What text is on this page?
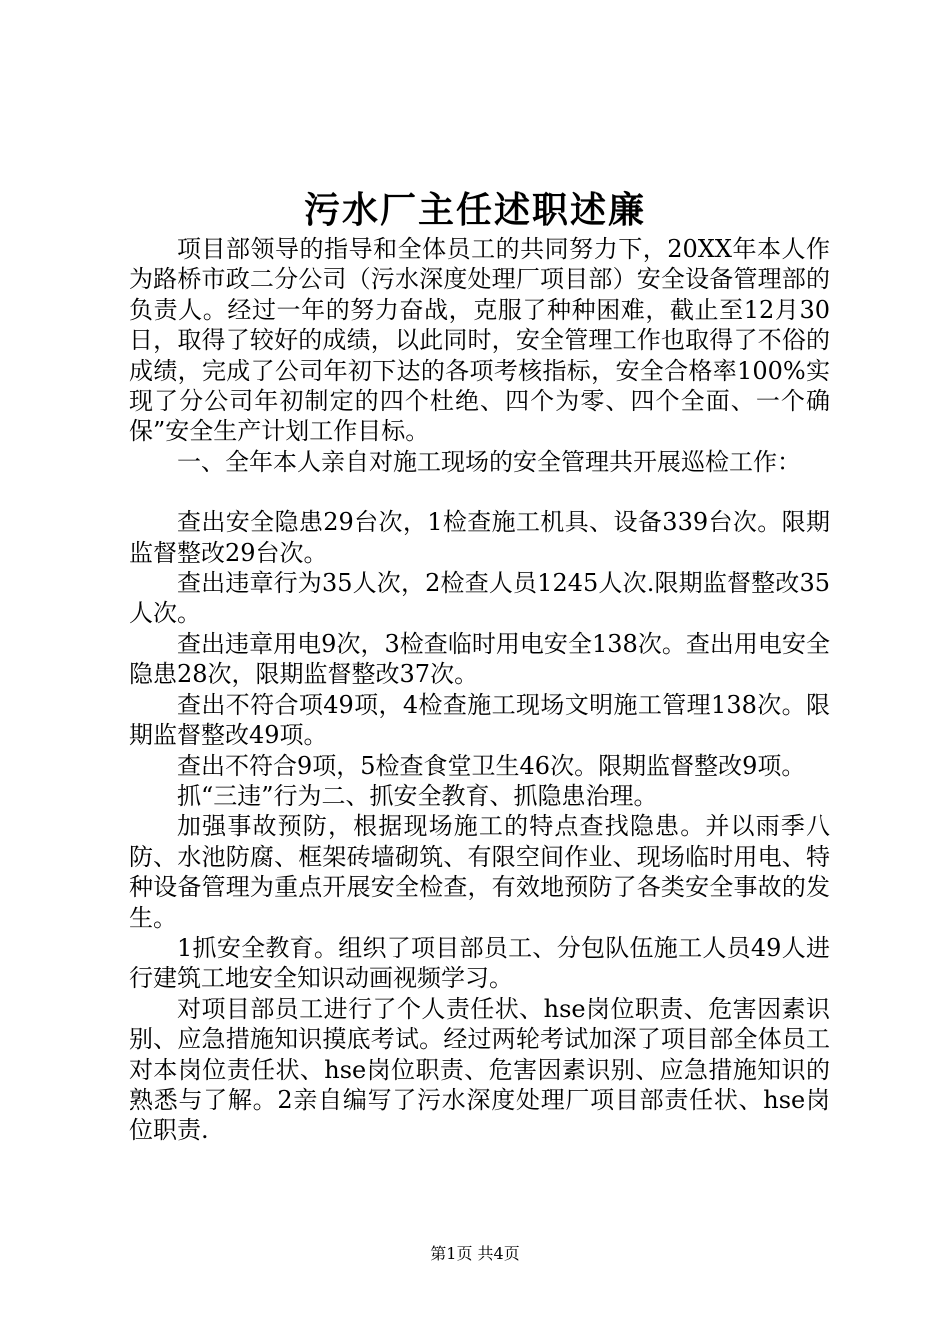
污水厂主任述职述廉

项目部领导的指导和全体员工的共同努力下，20XX年本人作为路桥市政二分公司（污水深度处理厂项目部）安全设备管理部的负责人。经过一年的努力奋战，克服了种种困难，截止至12月30日，取得了较好的成绩，以此同时，安全管理工作也取得了不俗的成绩，完成了公司年初下达的各项考核指标，安全合格率100%实现了分公司年初制定的四个杜绝、四个为零、四个全面、一个确保”安全生产计划工作目标。

一、全年本人亲自对施工现场的安全管理共开展巡检工作：

查出安全隐患29台次，1检查施工机具、设备339台次。限期监督整改29台次。

查出违章行为35人次，2检查人员1245人次.限期监督整改35人次。

查出违章用电9次，3检查临时用电安全138次。查出用电安全隐患28次，限期监督整改37次。

查出不符合项49项，4检查施工现场文明施工管理138次。限期监督整改49项。

查出不符合9项，5检查食堂卫生46次。限期监督整改9项。

抓“三违”行为二、抓安全教育、抓隐患治理。

加强事故预防，根据现场施工的特点查找隐患。并以雨季八防、水池防腐、框架砖墙砌筑、有限空间作业、现场临时用电、特种设备管理为重点开展安全检查，有效地预防了各类安全事故的发生。

1抓安全教育。组织了项目部员工、分包队伍施工人员49人进行建筑工地安全知识动画视频学习。

对项目部员工进行了个人责任状、hse岗位职责、危害因素识别、应急措施知识摸底考试。经过两轮考试加深了项目部全体员工对本岗位责任状、hse岗位职责、危害因素识别、应急措施知识的熟悉与了解。2亲自编写了污水深度处理厂项目部责任状、hse岗位职责.

第1页 共4页
